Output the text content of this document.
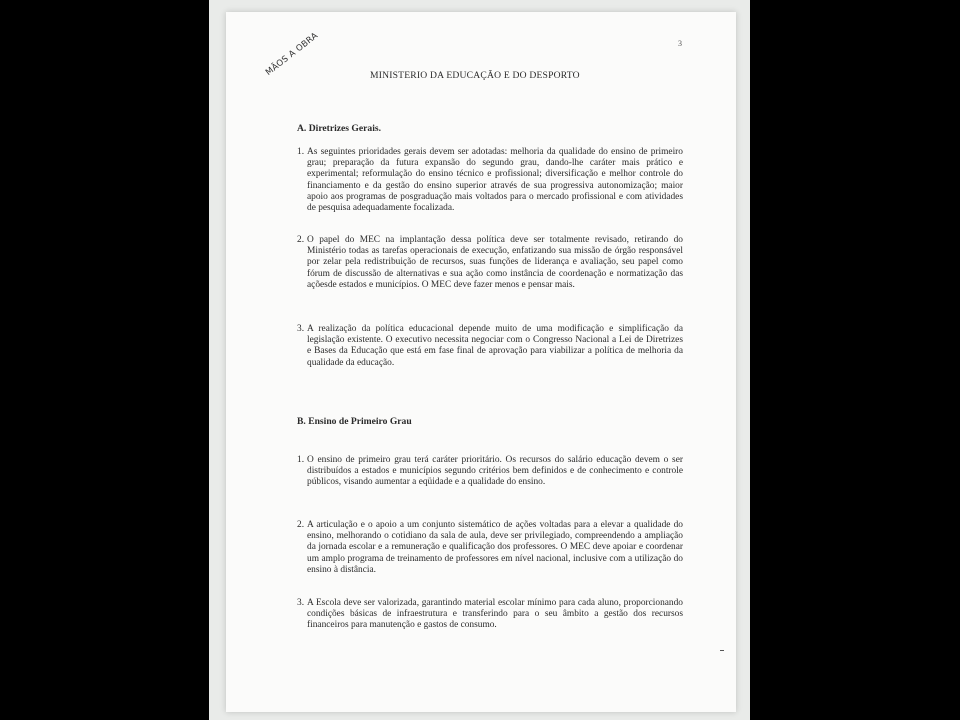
MÃOS A OBRA	3
MINISTERIO DA EDUCAÇÃO E DO DESPORTO
A. Diretrizes Gerais.
1. As seguintes prioridades gerais devem ser adotadas: melhoria da qualidade do ensino de primeiro grau; preparação da futura expansão do segundo grau, dando-lhe caráter mais prático e experimental; reformulação do ensino técnico e profissional; diversificação e melhor controle do financiamento e da gestão do ensino superior através de sua progressiva autonomização; maior apoio aos programas de posgraduação mais voltados para o mercado profissional e com atividades de pesquisa adequadamente focalizada.
2. O papel do MEC na implantação dessa política deve ser totalmente revisado, retirando do Ministério todas as tarefas operacionais de execução, enfatizando sua missão de órgão responsável por zelar pela redistribuição de recursos, suas funções de liderança e avaliação, seu papel como fórum de discussão de alternativas e sua ação como instância de coordenação e normatização das açõesde estados e municípios. O MEC deve fazer menos e pensar mais.
3. A realização da política educacional depende muito de uma modificação e simplificação da legislação existente. O executivo necessita negociar com o Congresso Nacional a Lei de Diretrizes e Bases da Educação que está em fase final de aprovação para viabilizar a política de melhoria da qualidade da educação.
B. Ensino de Primeiro Grau
1. O ensino de primeiro grau terá caráter prioritário. Os recursos do salário educação devem o ser distribuídos a estados e municípios segundo critérios bem definidos e de conhecimento e controle públicos, visando aumentar a eqüidade e a qualidade do ensino.
2. A articulação e o apoio a um conjunto sistemático de ações voltadas para a elevar a qualidade do ensino, melhorando o cotidiano da sala de aula, deve ser privilegiado, compreendendo a ampliação da jornada escolar e a remuneração e qualificação dos professores. O MEC deve apoiar e coordenar um amplo programa de treinamento de professores em nível nacional, inclusive com a utilização do ensino à distância.
3. A Escola deve ser valorizada, garantindo material escolar mínimo para cada aluno, proporcionando condições básicas de infraestrutura e transferindo para o seu âmbito a gestão dos recursos financeiros para manutenção e gastos de consumo.
